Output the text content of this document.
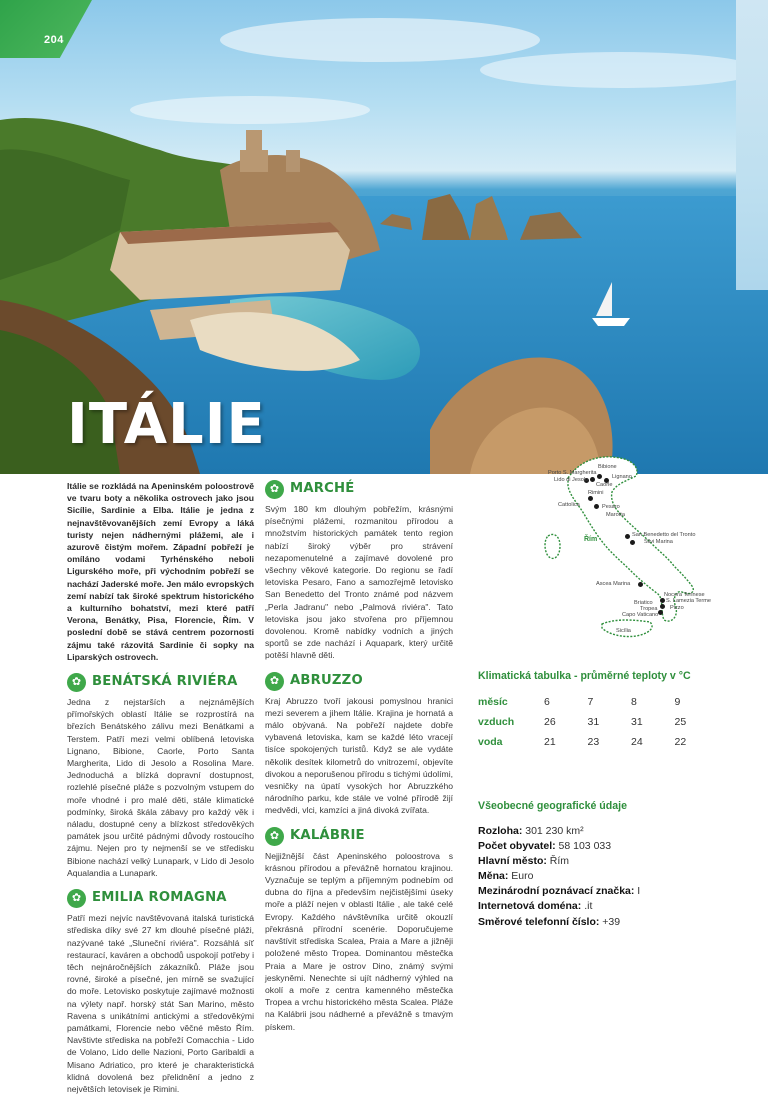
204
ITÁLIE

Itálie se rozkládá na Apeninském poloostrově ve tvaru boty a několika ostrovech jako jsou Sicílie, Sardinie a Elba. Itálie je jedna z nejnavštěvovanějších zemí Evropy a láká turisty nejen nádhernými plážemi, ale i azurově čistým mořem. Západní pobřeží je omíláno vodami Tyrhénského neboli Ligurského moře, při východním pobřeží se nachází Jaderské moře. Jen málo evropských zemí nabízí tak široké spektrum historického a kulturního bohatství, mezi které patří Verona, Benátky, Pisa, Florencie, Řím. V poslední době se stává centrem pozornosti zájmu také rázovitá Sardinie či sopky na Liparských ostrovech.

✿ BENÁTSKÁ RIVIÉRA

Jedna z nejstarších a nejznámějších přímořských oblastí Itálie se rozprostírá na březích Benátského zálivu mezi Benátkami a Terstem. Patří mezi velmi oblíbená letoviska Lignano, Bibione, Caorle, Porto Santa Margherita, Lido di Jesolo a Rosolina Mare. Jednoduchá a blízká dopravní dostupnost, rozlehlé písečné pláže s pozvolným vstupem do moře vhodné i pro malé děti, stále klimatické podmínky, široká škála zábavy pro každý věk i náladu, dostupné ceny a blízkost středověkých památek jsou určité pádnými důvody rostoucího zájmu. Nejen pro ty nejmenší se ve středisku Bibione nachází velký Lunapark, v Lido di Jesolo Aqualandia a Lunapark.

✿ EMILIA ROMAGNA

Patří mezi nejvíc navštěvovaná italská turistická střediska díky své 27 km dlouhé písečné pláži, nazývané také „Sluneční riviéra". Rozsáhlá síť restaurací, kaváren a obchodů uspokojí potřeby i těch nejnáročnějších zákazníků. Pláže jsou rovné, široké a písečné, jen mírně se svažující do moře. Letovisko poskytuje zajímavé možnosti na výlety např. horský stát San Marino, město Ravena s unikátními antickými a středověkými památkami, Florencie nebo věčné město Řím. Navštivte střediska na pobřeží Comacchia - Lido de Volano, Lido delle Nazioni, Porto Garibaldi a Misano Adriatico, pro které je charakteristická klidná dovolená bez přelidnění a jedno z největších letovisek je Rimini.

✿ MARCHÉ

Svým 180 km dlouhým pobřežím, krásnými písečnými plážemi, rozmanitou přírodou a množstvím historických památek tento region nabízí široký výběr pro strávení nezapomenutelné a zajímavé dovolené pro všechny věkové kategorie. Do regionu se řadí letoviska Pesaro, Fano a samozřejmě letovisko San Benedetto del Tronto známé pod názvem „Perla Jadranu" nebo „Palmová riviéra". Tato letoviska jsou jako stvořena pro příjemnou dovolenou. Kromě nabídky vodních a jiných sportů se zde nachází i Aquapark, který určitě potěší hlavně děti.

✿ ABRUZZO

Kraj Abruzzo tvoří jakousi pomyslnou hranici mezi severem a jihem Itálie. Krajina je hornatá a málo obývaná. Na pobřeží najdete dobře vybavená letoviska, kam se každé léto vracejí tisíce spokojených turistů. Když se ale vydáte několik desítek kilometrů do vnitrozemí, objevíte divokou a neporušenou přírodu s tichými údolími, vesničky na úpatí vysokých hor Abruzzkého národního parku, kde stále ve volné přírodě žijí medvědi, vlci, kamzíci a jiná divoká zvířata.

✿ KALÁBRIE

Nejjižnější část Apeninského poloostrova s krásnou přírodou a převážně hornatou krajinou. Vyznačuje se teplým a příjemným podnebím od dubna do října a především nejčistějšími úseky moře a pláží nejen v oblasti Itálie , ale také celé Evropy. Každého návštěvníka určitě okouzlí překrásná přírodní scenérie. Doporučujeme navštívit střediska Scalea, Praia a Mare a jižněji položené město Tropea. Dominantou městečka Praia a Mare je ostrov Dino, známý svými jeskyněmi. Nenechte si ujít nádherný výhled na okolí a moře z centra kamenného městečka Tropea a vrchu historického města Scalea. Pláže na Kalábrii jsou nádherné a převážně s tmavým pískem.

Bibione
Lignano
Porto S. Margherita
Lido di Jesolo
Caorle
Rimini
Cattolica	Pesaro
Marotta
Řím
San Benedetto del Tronto
Silvi Marina
Ascea Marina
Nocera Terinese
S. Lamezia Terme
Briatico
Tropea Pizzo
Capo Vaticano
Sicília
Klimatická tabulka - průměrné teploty v °C
měsíc	6	7	8	9
vzduch	26	31	31	25
voda	21	23	24	22
Všeobecné geografické údaje
Rozloha: 301 230 km²
Počet obyvatel: 58 103 033
Hlavní město: Řím
Měna: Euro
Mezinárodní poznávací značka: I
Internetová doména: .it
Směrové telefonní číslo: +39
